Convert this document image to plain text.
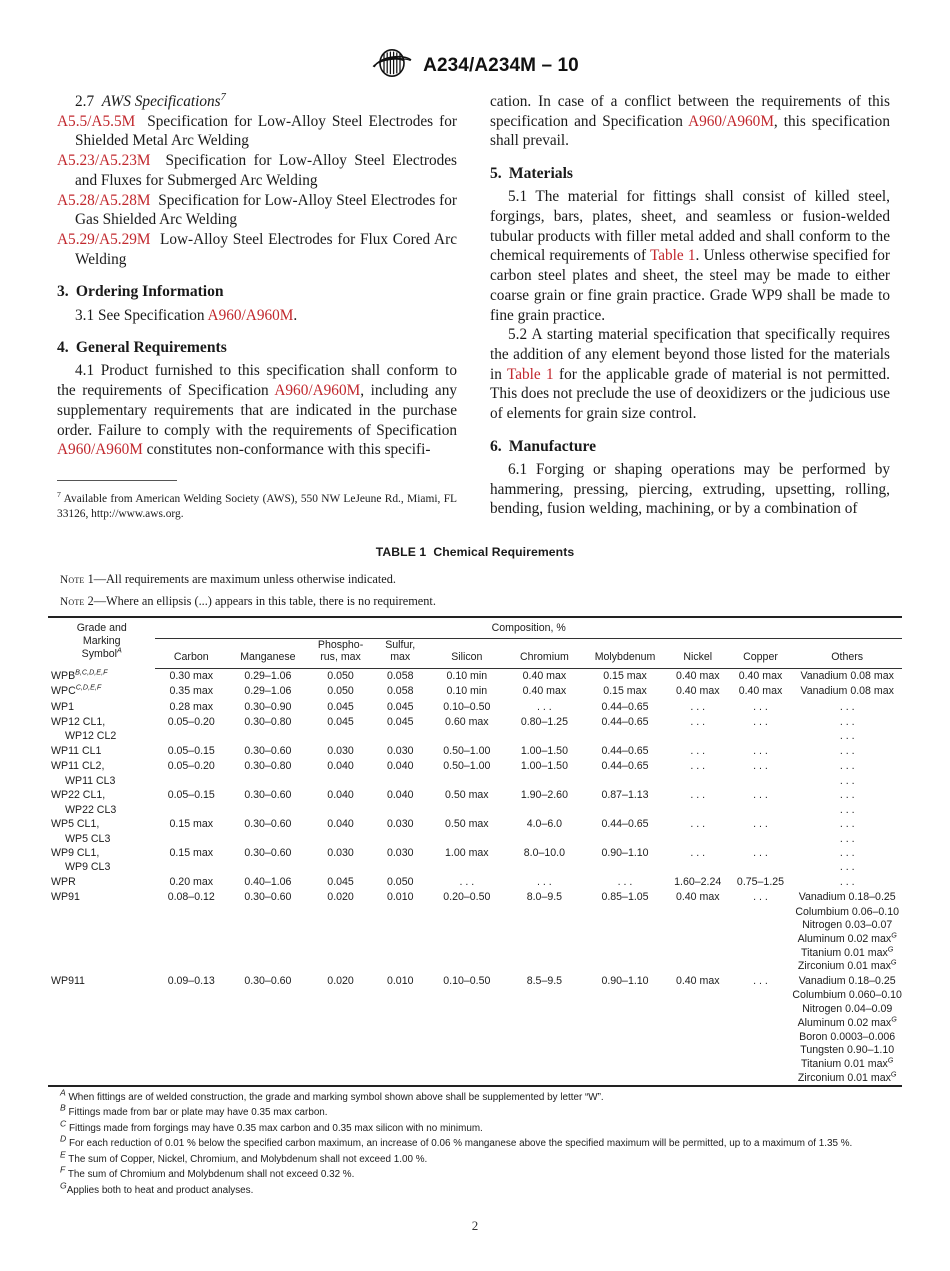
A234/A234M – 10

2.7 AWS Specifications$^7$

A5.5/A5.5M Specification for Low-Alloy Steel Electrodes for Shielded Metal Arc Welding

A5.23/A5.23M Specification for Low-Alloy Steel Electrodes and Fluxes for Submerged Arc Welding

A5.28/A5.28M Specification for Low-Alloy Steel Electrodes for Gas Shielded Arc Welding

A5.29/A5.29M Low-Alloy Steel Electrodes for Flux Cored Arc Welding

3. Ordering Information

3.1 See Specification A960/A960M.

4. General Requirements

4.1 Product furnished to this specification shall conform to the requirements of Specification A960/A960M, including any supplementary requirements that are indicated in the purchase order. Failure to comply with the requirements of Specification A960/A960M constitutes non-conformance with this specifi-

$^7$ Available from American Welding Society (AWS), 550 NW LeJeune Rd., Miami, FL 33126, http://www.aws.org.

cation. In case of a conflict between the requirements of this specification and Specification A960/A960M, this specification shall prevail.

5. Materials

5.1 The material for fittings shall consist of killed steel, forgings, bars, plates, sheet, and seamless or fusion-welded tubular products with filler metal added and shall conform to the chemical requirements of Table 1. Unless otherwise specified for carbon steel plates and sheet, the steel may be made to either coarse grain or fine grain practice. Grade WP9 shall be made to fine grain practice.

5.2 A starting material specification that specifically requires the addition of any element beyond those listed for the materials in Table 1 for the applicable grade of material is not permitted. This does not preclude the use of deoxidizers or the judicious use of elements for grain size control.

6. Manufacture

6.1 Forging or shaping operations may be performed by hammering, pressing, piercing, extruding, upsetting, rolling, bending, fusion welding, machining, or by a combination of

TABLE 1 Chemical Requirements
Note 1—All requirements are maximum unless otherwise indicated.
Note 2—Where an ellipsis (...) appears in this table, there is no requirement.
Grade and
Marking
Symbol$^A$	Composition, %									
	Carbon	Manganese	Phospho-
rus, max	Sulfur,
max	Silicon	Chromium	Molybdenum	Nickel	Copper	Others
$WPB^{B,C,D,E,F}$	0.30 max	0.29–1.06	0.050	0.058	0.10 min	0.40 max	0.15 max	0.40 max	0.40 max	Vanadium 0.08 max
$WPC^{C,D,E,F}$	0.35 max	0.29–1.06	0.050	0.058	0.10 min	0.40 max	0.15 max	0.40 max	0.40 max	Vanadium 0.08 max
WP1	0.28 max	0.30–0.90	0.045	0.045	0.10–0.50	. . .	0.44–0.65	. . .	. . .	. . .
WP12 CL1,	0.05–0.20	0.30–0.80	0.045	0.045	0.60 max	0.80–1.25	0.44–0.65	. . .	. . .	. . .
WP12 CL2										. . .
WP11 CL1	0.05–0.15	0.30–0.60	0.030	0.030	0.50–1.00	1.00–1.50	0.44–0.65	. . .	. . .	. . .
WP11 CL2,	0.05–0.20	0.30–0.80	0.040	0.040	0.50–1.00	1.00–1.50	0.44–0.65	. . .	. . .	. . .
WP11 CL3										. . .
WP22 CL1,	0.05–0.15	0.30–0.60	0.040	0.040	0.50 max	1.90–2.60	0.87–1.13	. . .	. . .	. . .
WP22 CL3										. . .
WP5 CL1,	0.15 max	0.30–0.60	0.040	0.030	0.50 max	4.0–6.0	0.44–0.65	. . .	. . .	. . .
WP5 CL3										. . .
WP9 CL1,	0.15 max	0.30–0.60	0.030	0.030	1.00 max	8.0–10.0	0.90–1.10	. . .	. . .	. . .
WP9 CL3										. . .
WPR	0.20 max	0.40–1.06	0.045	0.050	. . .	. . .	. . .	1.60–2.24	0.75–1.25	. . .
WP91	0.08–0.12	0.30–0.60	0.020	0.010	0.20–0.50	8.0–9.5	0.85–1.05	0.40 max	. . .	Vanadium 0.18–0.25
										Columbium 0.06–0.10
										Nitrogen 0.03–0.07
										Aluminum 0.02 $\max^G$
										Titanium 0.01 $\max^G$
										Zirconium 0.01 $\max^G$
WP911	0.09–0.13	0.30–0.60	0.020	0.010	0.10–0.50	8.5–9.5	0.90–1.10	0.40 max	. . .	Vanadium 0.18–0.25
										Columbium 0.060–0.10
										Nitrogen 0.04–0.09
										Aluminum 0.02 $\max^G$
										Boron 0.0003–0.006
										Tungsten 0.90–1.10
										Titanium 0.01 $\max^G$
										Zirconium 0.01 $\max^G$

A When fittings are of welded construction, the grade and marking symbol shown above shall be supplemented by letter “W”.

B Fittings made from bar or plate may have 0.35 max carbon.

C Fittings made from forgings may have 0.35 max carbon and 0.35 max silicon with no minimum.

D For each reduction of 0.01 % below the specified carbon maximum, an increase of 0.06 % manganese above the specified maximum will be permitted, up to a maximum of 1.35 %.

E The sum of Copper, Nickel, Chromium, and Molybdenum shall not exceed 1.00 %.

F The sum of Chromium and Molybdenum shall not exceed 0.32 %.

GApplies both to heat and product analyses.

2
